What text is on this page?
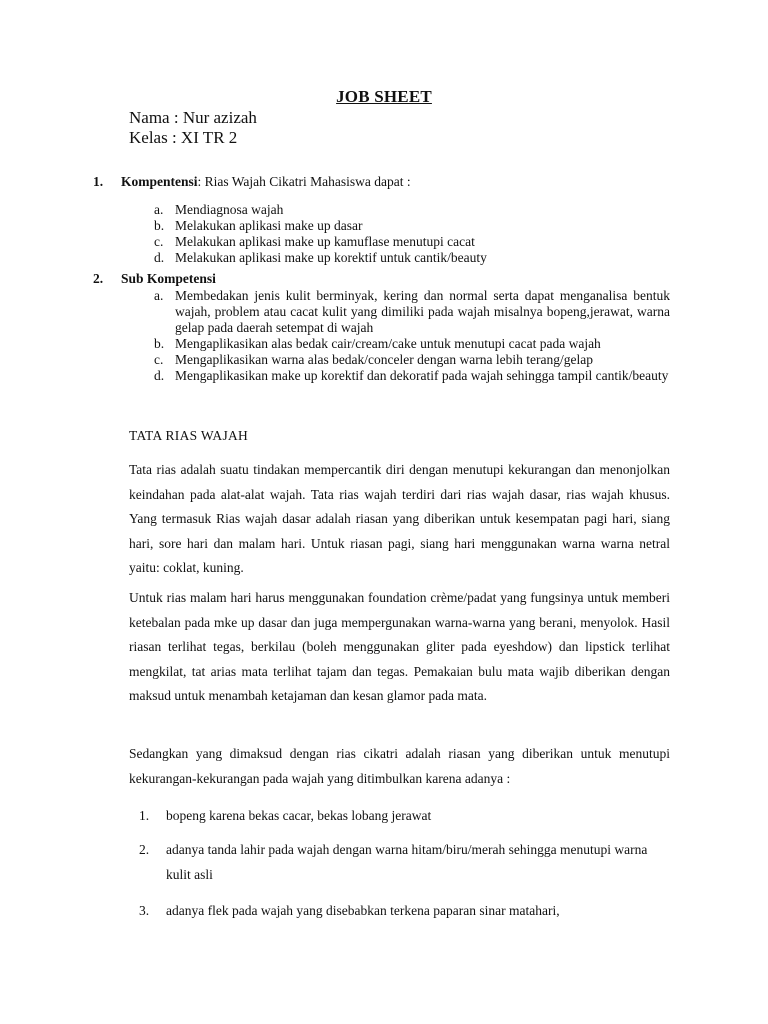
JOB SHEET
Nama : Nur azizah
Kelas : XI TR 2
1. Kompentensi: Rias Wajah Cikatri Mahasiswa dapat :
a. Mendiagnosa wajah
b. Melakukan aplikasi make up dasar
c. Melakukan aplikasi make up kamuflase menutupi cacat
d. Melakukan aplikasi make up korektif untuk cantik/beauty
2. Sub Kompetensi
a. Membedakan jenis kulit berminyak, kering dan normal serta dapat menganalisa bentuk wajah, problem atau cacat kulit yang dimiliki pada wajah misalnya bopeng,jerawat, warna gelap pada daerah setempat di wajah
b. Mengaplikasikan alas bedak cair/cream/cake untuk menutupi cacat pada wajah
c. Mengaplikasikan warna alas bedak/conceler dengan warna lebih terang/gelap
d. Mengaplikasikan make up korektif dan dekoratif pada wajah sehingga tampil cantik/beauty
TATA RIAS WAJAH
Tata rias adalah suatu tindakan mempercantik diri dengan menutupi kekurangan dan menonjolkan keindahan pada alat-alat wajah. Tata rias wajah terdiri dari rias wajah dasar, rias wajah khusus. Yang termasuk Rias wajah dasar adalah riasan yang diberikan untuk kesempatan pagi hari, siang hari, sore hari dan malam hari. Untuk riasan pagi, siang hari menggunakan warna warna netral yaitu: coklat, kuning.
Untuk rias malam hari harus menggunakan foundation crème/padat yang fungsinya untuk memberi ketebalan pada mke up dasar dan juga mempergunakan warna-warna yang berani, menyolok. Hasil riasan terlihat tegas, berkilau (boleh menggunakan gliter pada eyeshdow) dan lipstick terlihat mengkilat, tat arias mata terlihat tajam dan tegas. Pemakaian bulu mata wajib diberikan dengan maksud untuk menambah ketajaman dan kesan glamor pada mata.
Sedangkan yang dimaksud dengan rias cikatri adalah riasan yang diberikan untuk menutupi kekurangan-kekurangan pada wajah yang ditimbulkan karena adanya :
1. bopeng karena bekas cacar, bekas lobang jerawat
2. adanya tanda lahir pada wajah dengan warna hitam/biru/merah sehingga menutupi warna kulit asli
3. adanya flek pada wajah yang disebabkan terkena paparan sinar matahari,
